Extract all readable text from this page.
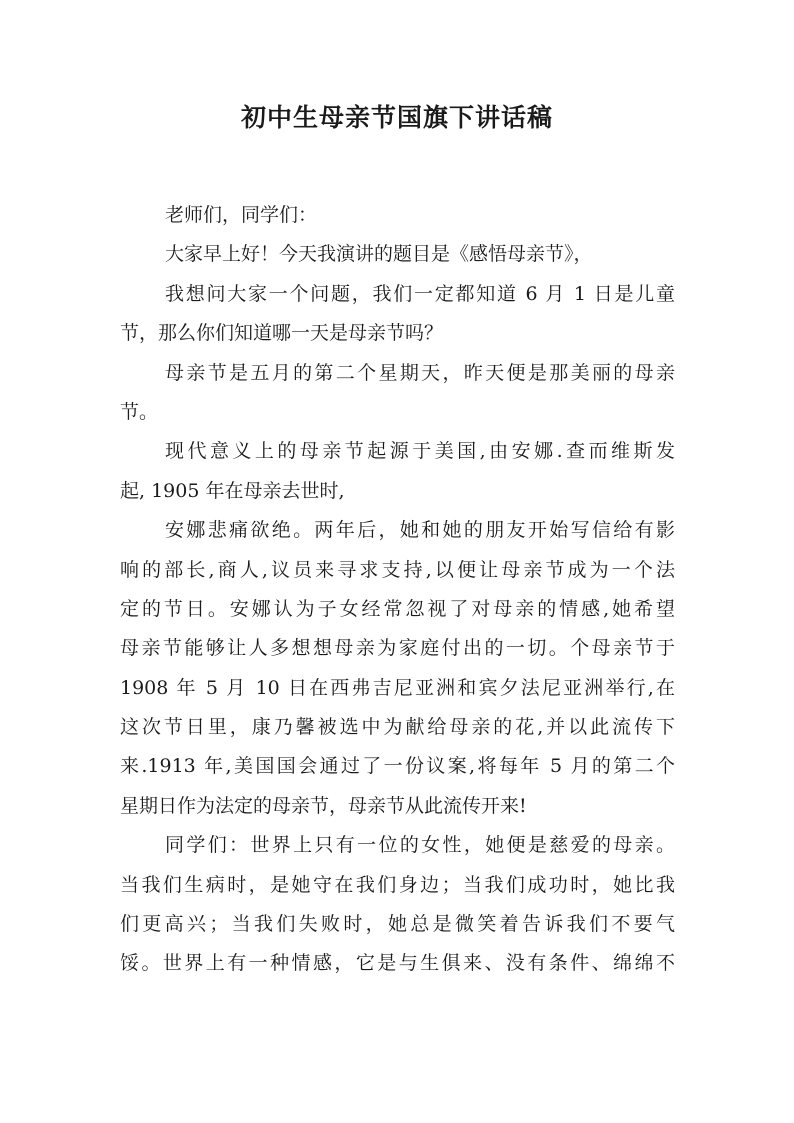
初中生母亲节国旗下讲话稿

老师们，同学们：

大家早上好！今天我演讲的题目是《感悟母亲节》，

我想问大家一个问题，我们一定都知道 6 月 1 日是儿童
节，那么你们知道哪一天是母亲节吗？

母亲节是五月的第二个星期天，昨天便是那美丽的母亲
节。

现代意义上的母亲节起源于美国,由安娜.查而维斯发
起, 1905 年在母亲去世时,

安娜悲痛欲绝。两年后，她和她的朋友开始写信给有影
响的部长,商人,议员来寻求支持,以便让母亲节成为一个法
定的节日。安娜认为子女经常忽视了对母亲的情感,她希望
母亲节能够让人多想想母亲为家庭付出的一切。个母亲节于
1908 年 5 月 10 日在西弗吉尼亚洲和宾夕法尼亚洲举行,在
这次节日里，康乃馨被选中为献给母亲的花,并以此流传下
来.1913 年,美国国会通过了一份议案,将每年 5 月的第二个
星期日作为法定的母亲节，母亲节从此流传开来!

同学们：世界上只有一位的女性，她便是慈爱的母亲。
当我们生病时，是她守在我们身边；当我们成功时，她比我
们更高兴；当我们失败时，她总是微笑着告诉我们不要气
馁。世界上有一种情感，它是与生俱来、没有条件、绵绵不
